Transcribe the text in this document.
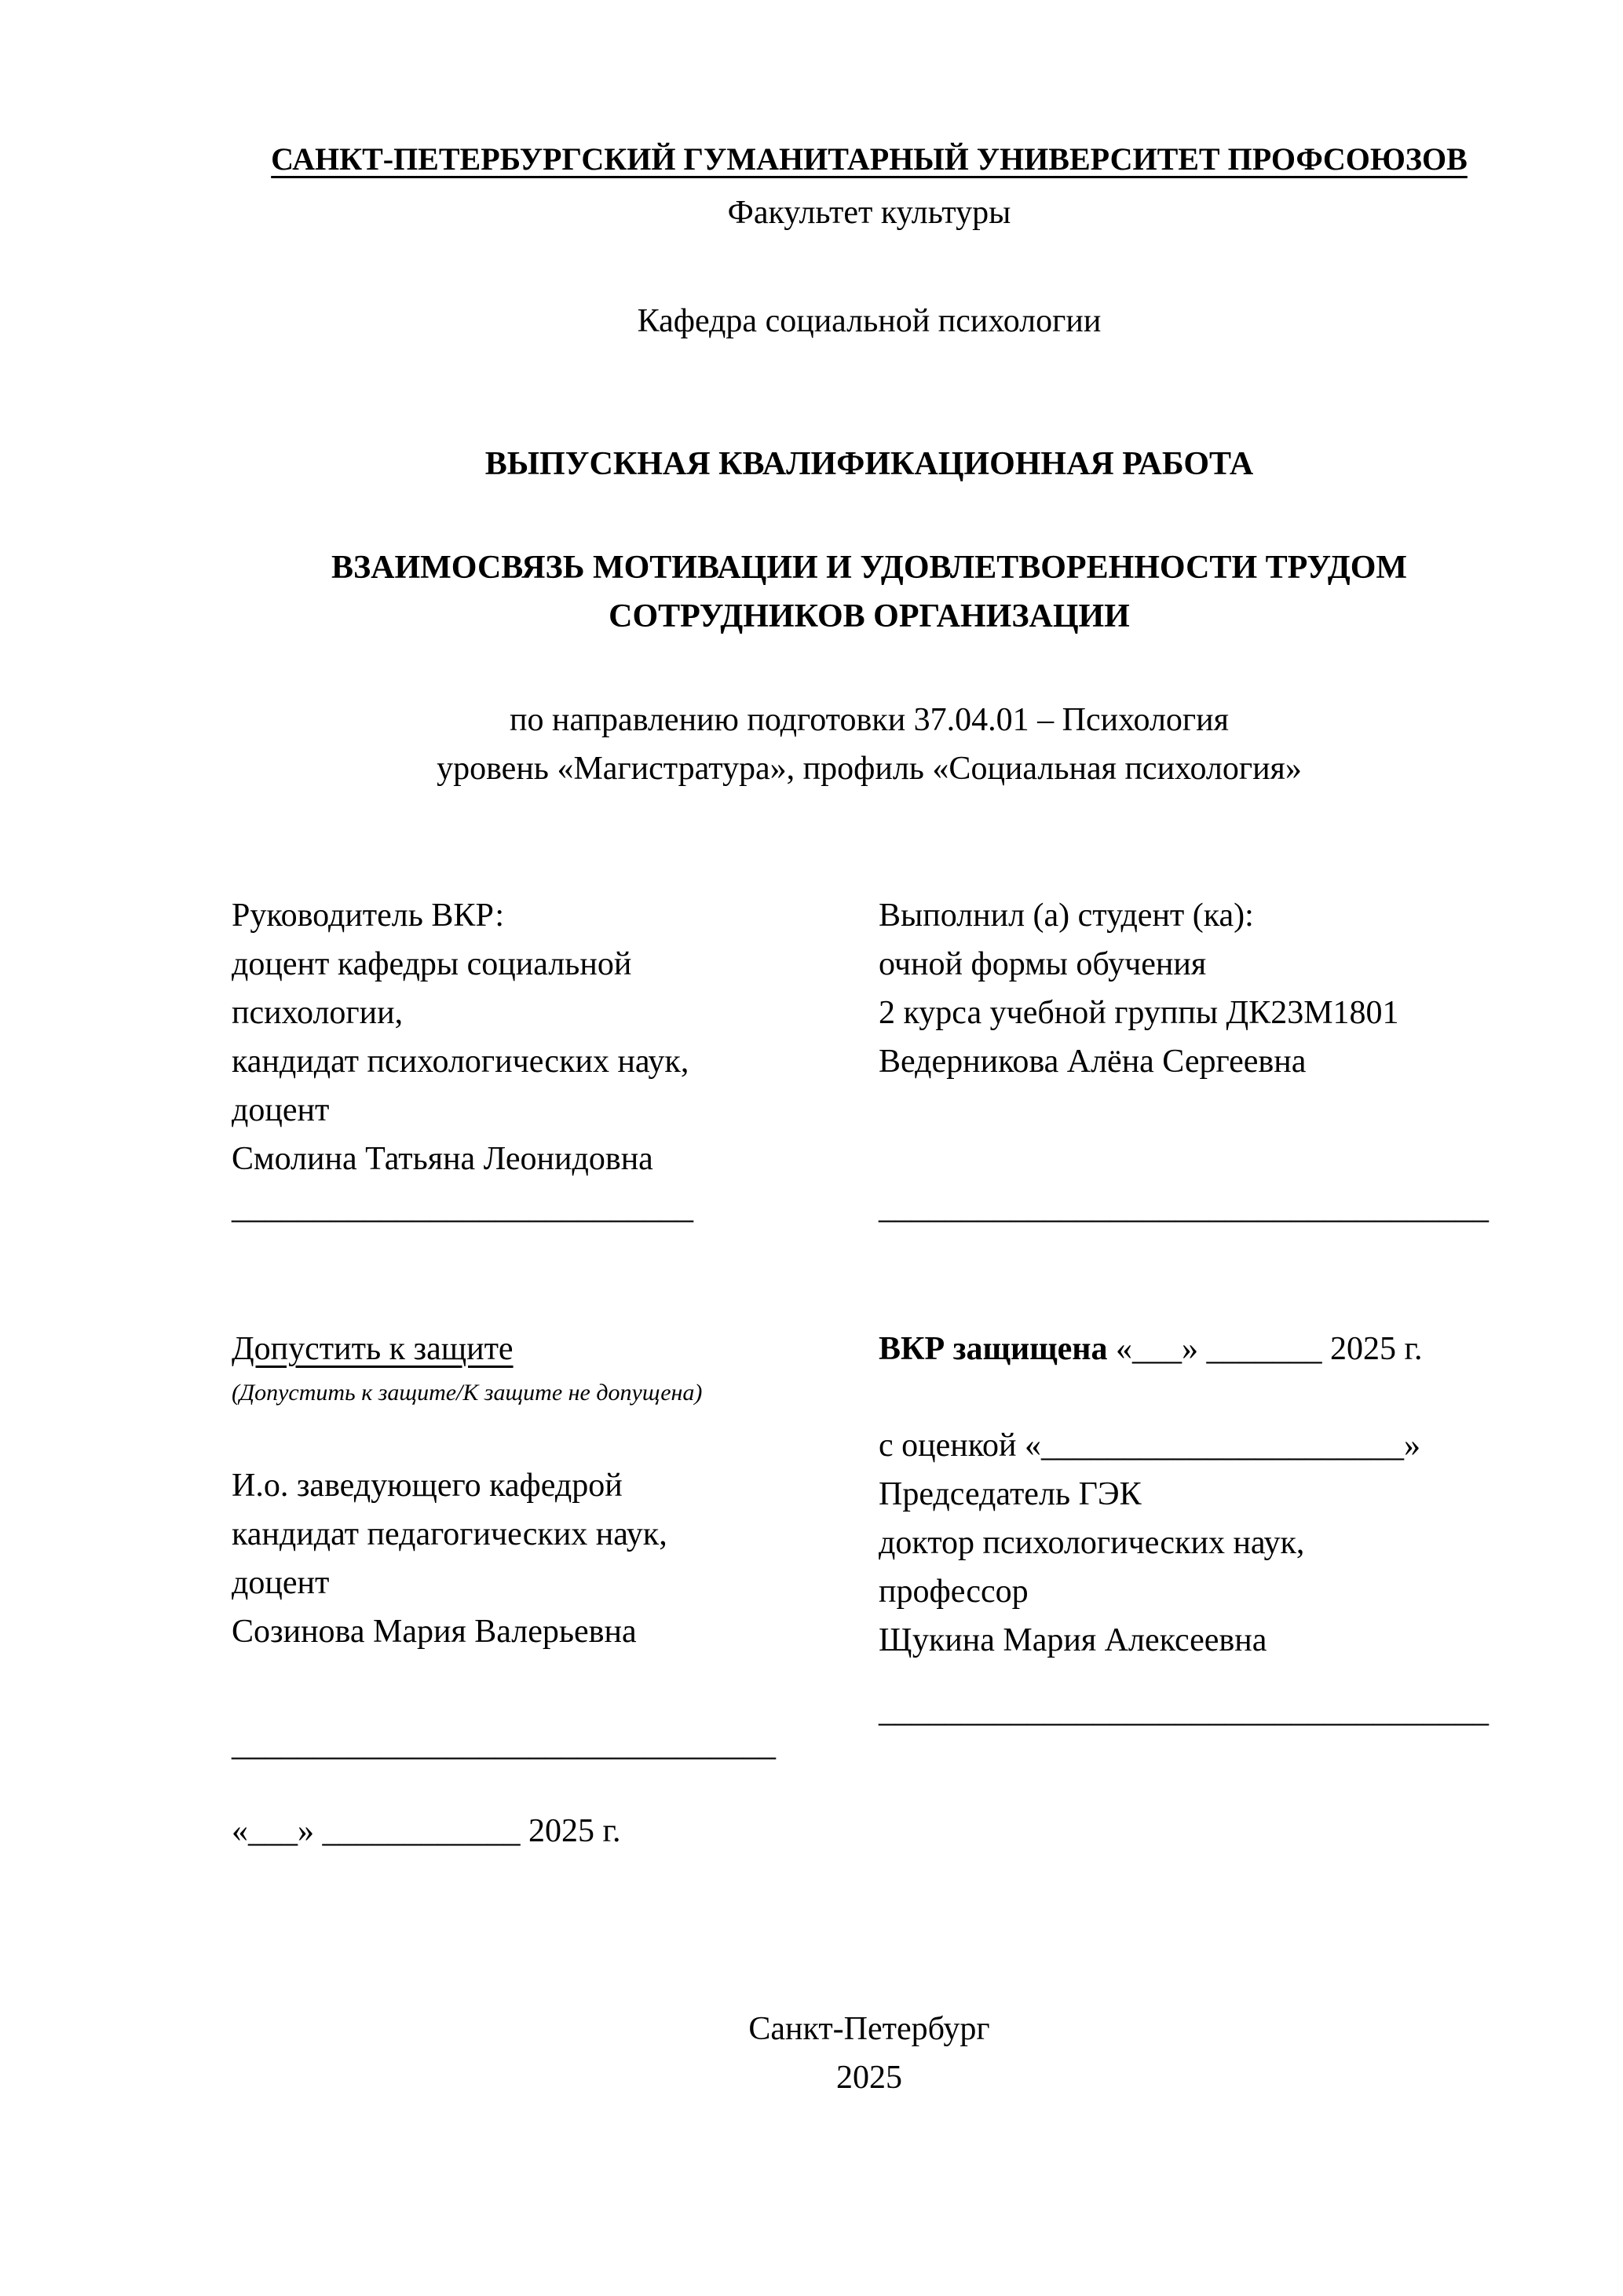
САНКТ-ПЕТЕРБУРГСКИЙ ГУМАНИТАРНЫЙ УНИВЕРСИТЕТ ПРОФСОЮЗОВ
Факультет культуры
Кафедра социальной психологии
ВЫПУСКНАЯ КВАЛИФИКАЦИОННАЯ РАБОТА
ВЗАИМОСВЯЗЬ МОТИВАЦИИ И УДОВЛЕТВОРЕННОСТИ ТРУДОМ
СОТРУДНИКОВ ОРГАНИЗАЦИИ
по направлению подготовки 37.04.01 – Психология
уровень «Магистратура», профиль «Социальная психология»
Руководитель ВКР:
доцент кафедры социальной
психологии,
кандидат психологических наук,
доцент
Смолина Татьяна Леонидовна
____________________________
Выполнил (а) студент (ка):
очной формы обучения
2 курса учебной группы ДК23М1801
Ведерникова Алёна Сергеевна
_____________________________________
Допустить к защите
(Допустить к защите/К защите не допущена)
И.о. заведующего кафедрой
кандидат педагогических наук,
доцент
Созинова Мария Валерьевна
_________________________________
«___» ____________ 2025 г.
ВКР защищена «___» _______ 2025 г.
с оценкой «______________________»
Председатель ГЭК
доктор психологических наук,
профессор
Щукина Мария Алексеевна
_____________________________________
Санкт-Петербург
2025
